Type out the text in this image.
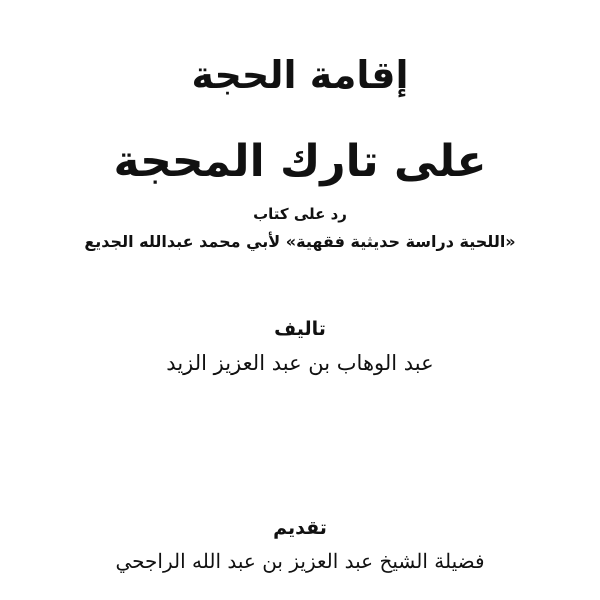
إقامة الحجة
على تارك المحجة
رد على كتاب
«اللحية دراسة حديثية فقهية» لأبي محمد عبدالله الجديع
تاليف
عبد الوهاب بن عبد العزيز الزيد
تقديم
فضيلة الشيخ عبد العزيز بن عبد الله الراجحي
